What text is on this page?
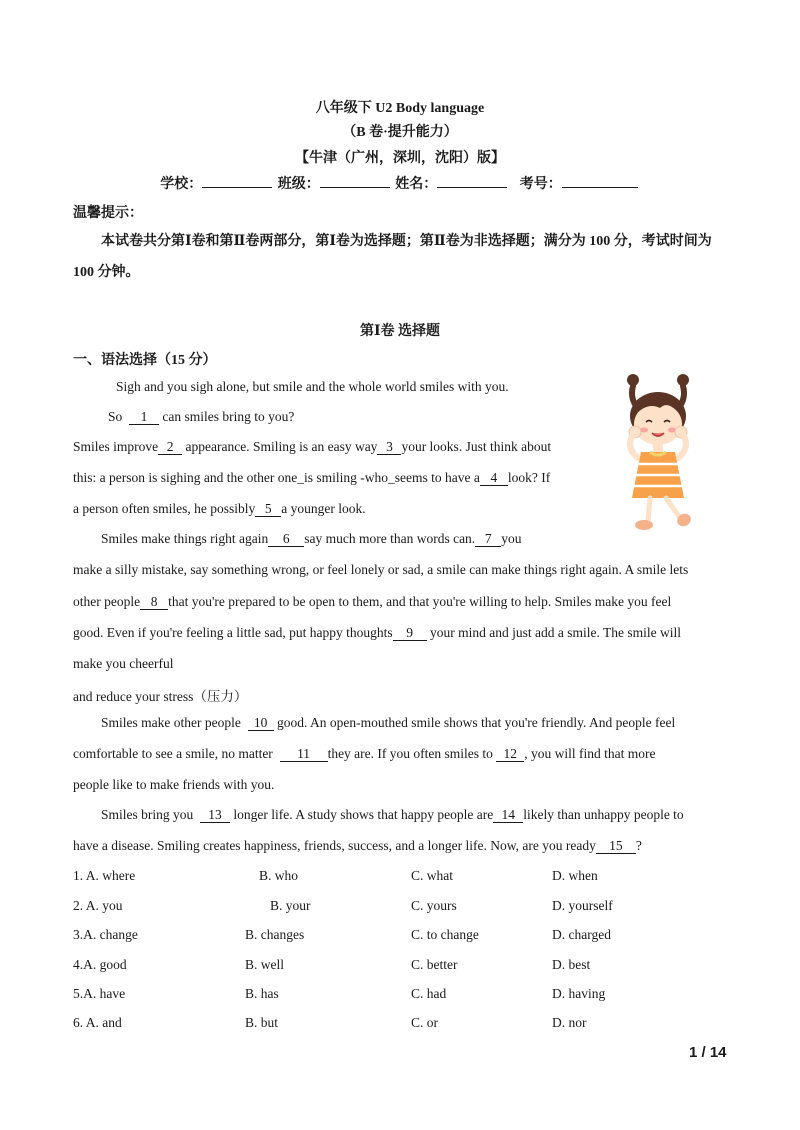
八年级下 U2 Body language
（B 卷·提升能力）
【牛津（广州，深圳，沈阳）版】
学校：	班级：	姓名：	考号：
温馨提示：
本试卷共分第Ⅰ卷和第Ⅱ卷两部分，第Ⅰ卷为选择题；第Ⅱ卷为非选择题；满分为 100 分，考试时间为
100 分钟。
第Ⅰ卷 选择题
一、语法选择（15 分）
Sigh and you sigh alone, but smile and the whole world smiles with you.
So 1 can smiles bring to you?
Smiles improve 2 appearance. Smiling is an easy way 3 your looks. Just think about
this: a person is sighing and the other one_is smiling -who_seems to have a 4 look? If
a person often smiles, he possibly 5 a younger look.
Smiles make things right again 6 say much more than words can. 7 you
make a silly mistake, say something wrong, or feel lonely or sad, a smile can make things right again. A smile lets
other people 8 that you're prepared to be open to them, and that you're willing to help. Smiles make you feel
good. Even if you're feeling a little sad, put happy thoughts 9 your mind and just add a smile. The smile will
make you cheerful
and reduce your stress（压力）
Smiles make other people 10 good. An open-mouthed smile shows that you're friendly. And people feel
comfortable to see a smile, no matter 11 they are. If you often smiles to 12 , you will find that more
people like to make friends with you.
Smiles bring you 13 longer life. A study shows that happy people are 14 likely than unhappy people to
have a disease. Smiling creates happiness, friends, success, and a longer life. Now, are you ready 15 ?
1. A. where	B. who	C. what	D. when
2. A. you	B. your	C. yours	D. yourself
3.A. change	B. changes	C. to change	D. charged
4.A. good	B. well	C. better	D. best
5.A. have	B. has	C. had	D. having
6. A. and	B. but	C. or	D. nor
1 / 14
